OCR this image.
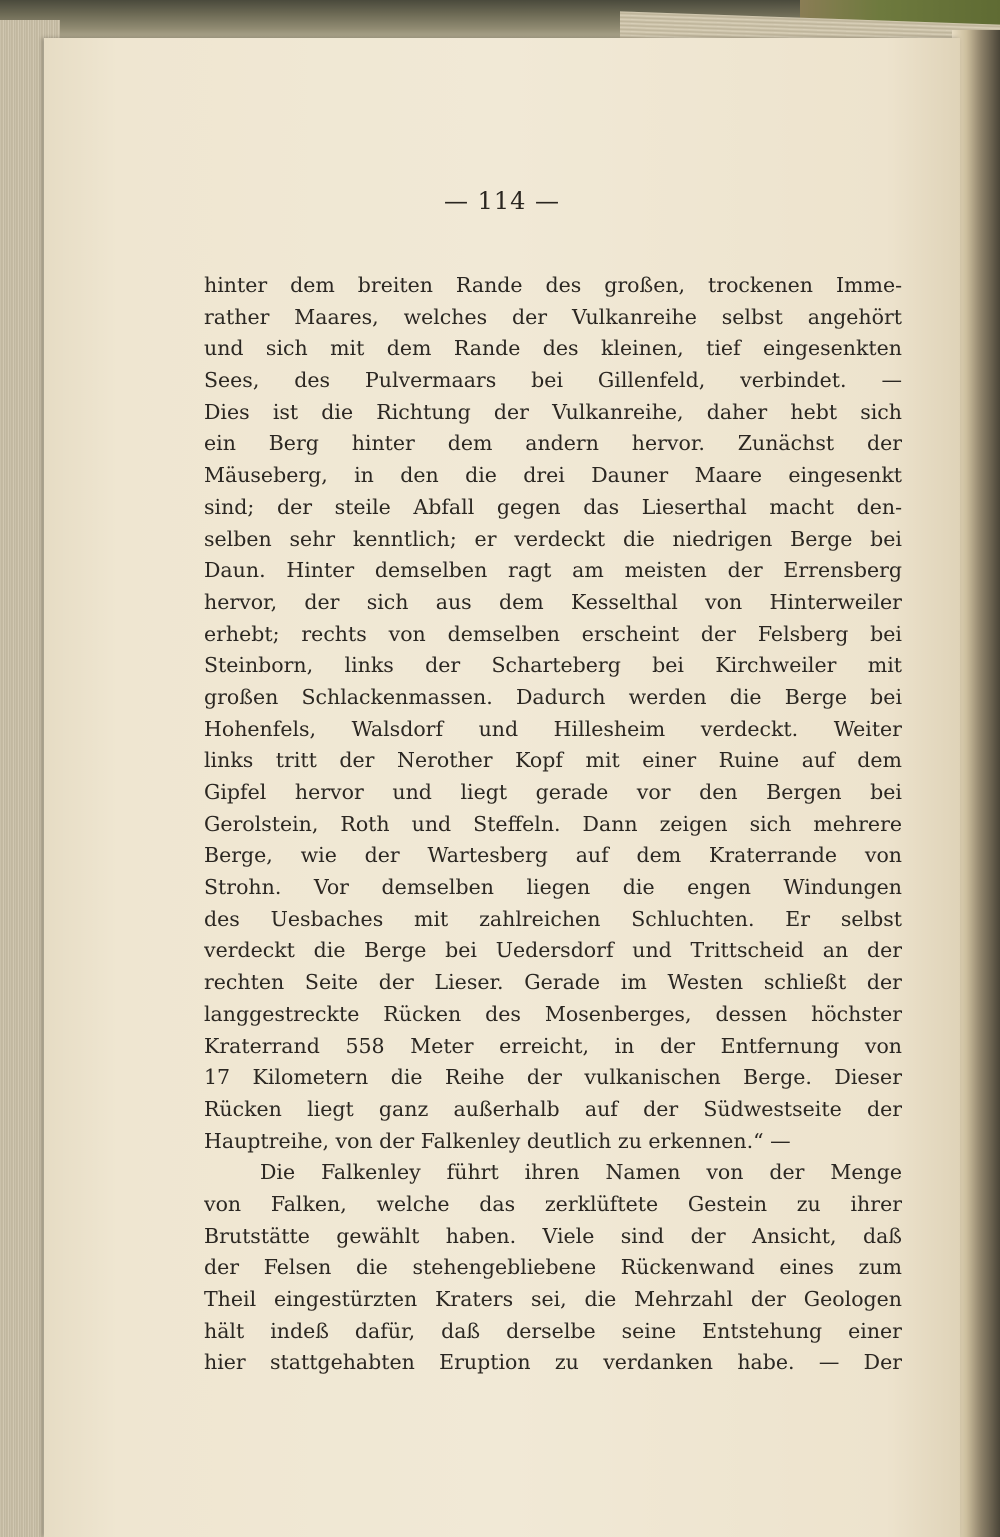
— 114 —
hinter dem breiten Rande des großen, trockenen Imme-
rather Maares, welches der Vulkanreihe selbst angehört
und sich mit dem Rande des kleinen, tief eingesenkten
Sees, des Pulvermaars bei Gillenfeld, verbindet. —
Dies ist die Richtung der Vulkanreihe, daher hebt sich
ein Berg hinter dem andern hervor. Zunächst der
Mäuseberg, in den die drei Dauner Maare eingesenkt
sind; der steile Abfall gegen das Lieserthal macht den-
selben sehr kenntlich; er verdeckt die niedrigen Berge bei
Daun. Hinter demselben ragt am meisten der Errensberg
hervor, der sich aus dem Kesselthal von Hinterweiler
erhebt; rechts von demselben erscheint der Felsberg bei
Steinborn, links der Scharteberg bei Kirchweiler mit
großen Schlackenmassen. Dadurch werden die Berge bei
Hohenfels, Walsdorf und Hillesheim verdeckt. Weiter
links tritt der Nerother Kopf mit einer Ruine auf dem
Gipfel hervor und liegt gerade vor den Bergen bei
Gerolstein, Roth und Steffeln. Dann zeigen sich mehrere
Berge, wie der Wartesberg auf dem Kraterrande von
Strohn. Vor demselben liegen die engen Windungen
des Uesbaches mit zahlreichen Schluchten. Er selbst
verdeckt die Berge bei Uedersdorf und Trittscheid an der
rechten Seite der Lieser. Gerade im Westen schließt der
langgestreckte Rücken des Mosenberges, dessen höchster
Kraterrand 558 Meter erreicht, in der Entfernung von
17 Kilometern die Reihe der vulkanischen Berge. Dieser
Rücken liegt ganz außerhalb auf der Südwestseite der
Hauptreihe, von der Falkenley deutlich zu erkennen.“ —
Die Falkenley führt ihren Namen von der Menge
von Falken, welche das zerklüftete Gestein zu ihrer
Brutstätte gewählt haben. Viele sind der Ansicht, daß
der Felsen die stehengebliebene Rückenwand eines zum
Theil eingestürzten Kraters sei, die Mehrzahl der Geologen
hält indeß dafür, daß derselbe seine Entstehung einer
hier stattgehabten Eruption zu verdanken habe. — Der
